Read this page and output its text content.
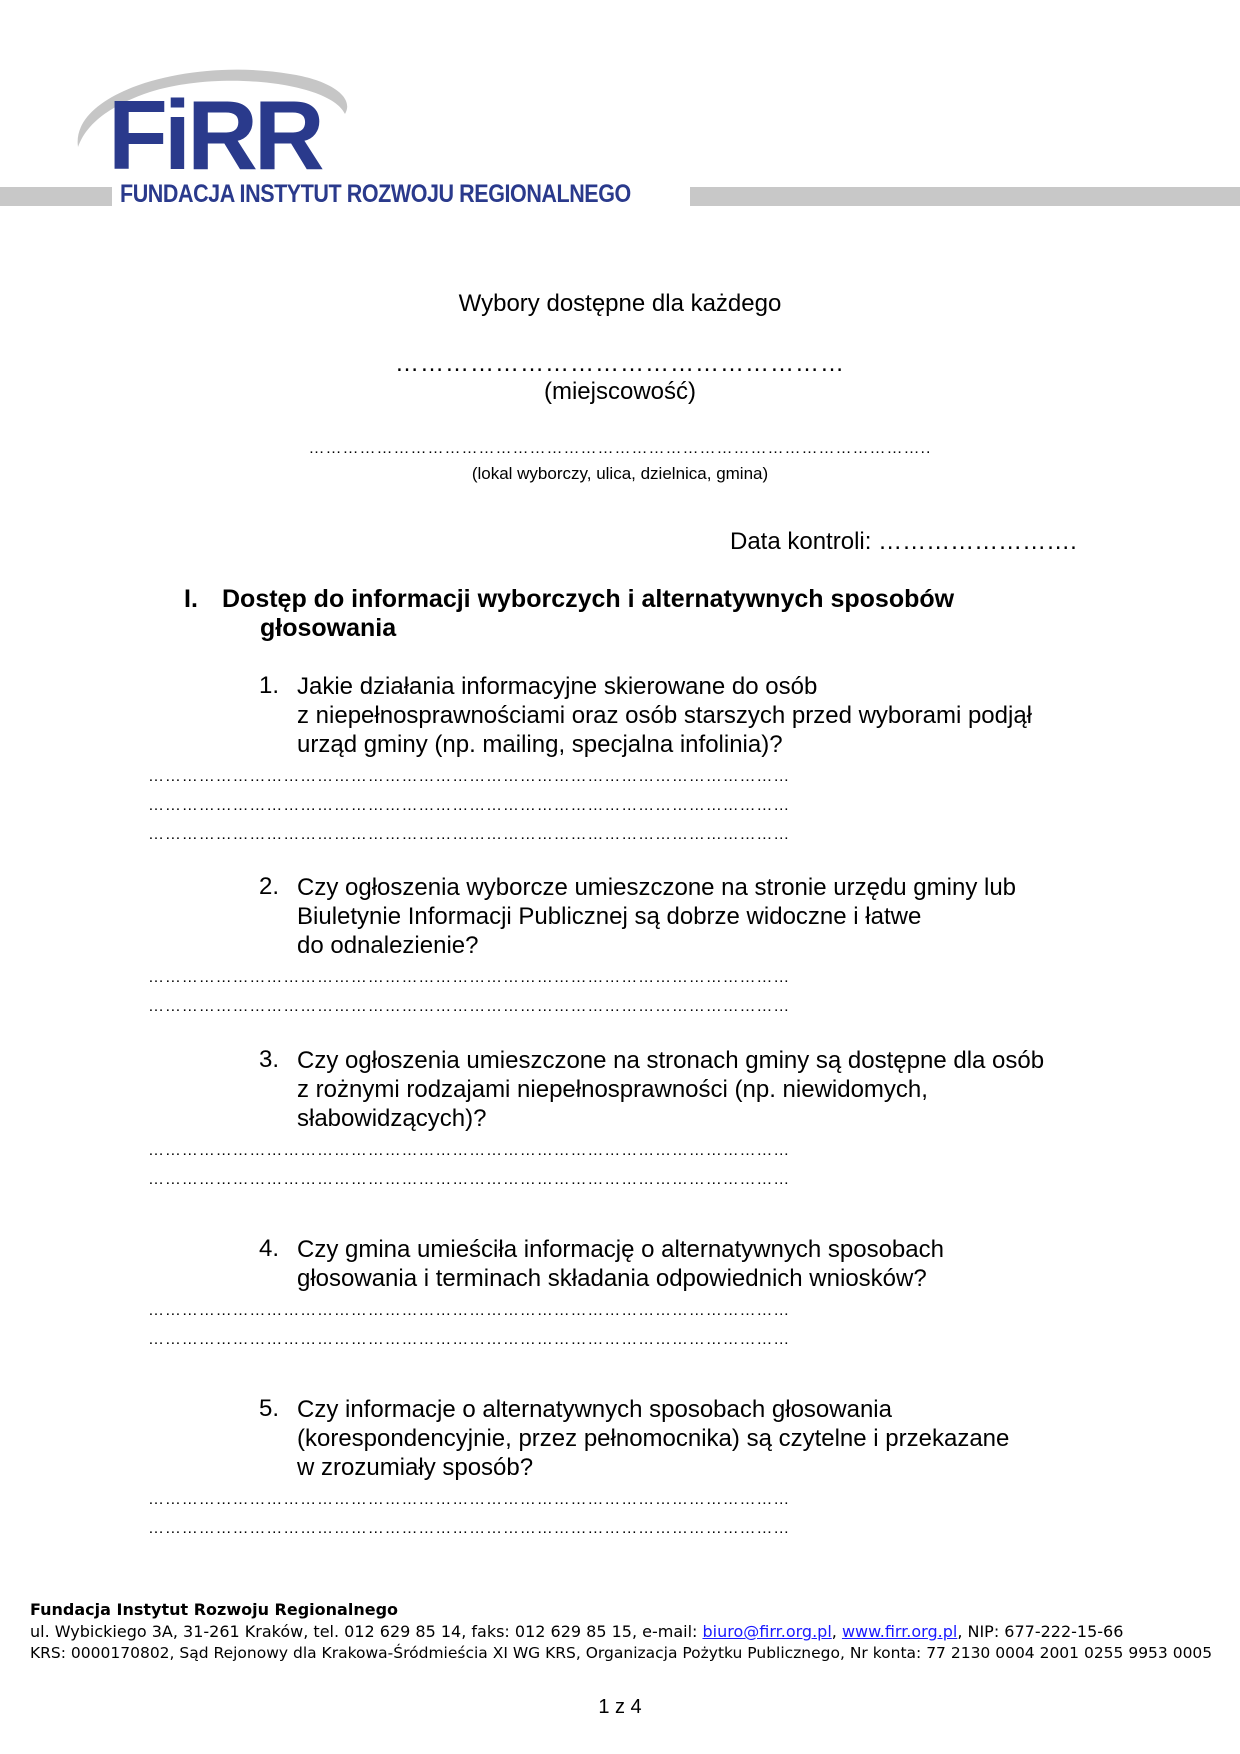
FiRR
FUNDACJA INSTYTUT ROZWOJU REGIONALNEGO
Wybory dostępne dla każdego
………………………………………………
(miejscowość)
………………………………………………………………………………………………..
(lokal wyborczy, ulica, dzielnica, gmina)
Data kontroli: …………………….
I. Dostęp do informacji wyborczych i alternatywnych sposobów
głosowania
1. Jakie działania informacyjne skierowane do osób
z niepełnosprawnościami oraz osób starszych przed wyborami podjął
urząd gminy (np. mailing, specjalna infolinia)?
……………………………………………………………………………………………………
……………………………………………………………………………………………………
……………………………………………………………………………………………………
2. Czy ogłoszenia wyborcze umieszczone na stronie urzędu gminy lub
Biuletynie Informacji Publicznej są dobrze widoczne i łatwe
do odnalezienie?
……………………………………………………………………………………………………
……………………………………………………………………………………………………
3. Czy ogłoszenia umieszczone na stronach gminy są dostępne dla osób
z rożnymi rodzajami niepełnosprawności (np. niewidomych,
słabowidzących)?
……………………………………………………………………………………………………
……………………………………………………………………………………………………
4. Czy gmina umieściła informację o alternatywnych sposobach
głosowania i terminach składania odpowiednich wniosków?
……………………………………………………………………………………………………
……………………………………………………………………………………………………
5. Czy informacje o alternatywnych sposobach głosowania
(korespondencyjnie, przez pełnomocnika) są czytelne i przekazane
w zrozumiały sposób?
……………………………………………………………………………………………………
……………………………………………………………………………………………………
Fundacja Instytut Rozwoju Regionalnego
ul. Wybickiego 3A, 31-261 Kraków, tel. 012 629 85 14, faks: 012 629 85 15, e-mail: biuro@firr.org.pl, www.firr.org.pl, NIP: 677-222-15-66
KRS: 0000170802, Sąd Rejonowy dla Krakowa-Śródmieścia XI WG KRS, Organizacja Pożytku Publicznego, Nr konta: 77 2130 0004 2001 0255 9953 0005
1 z 4
